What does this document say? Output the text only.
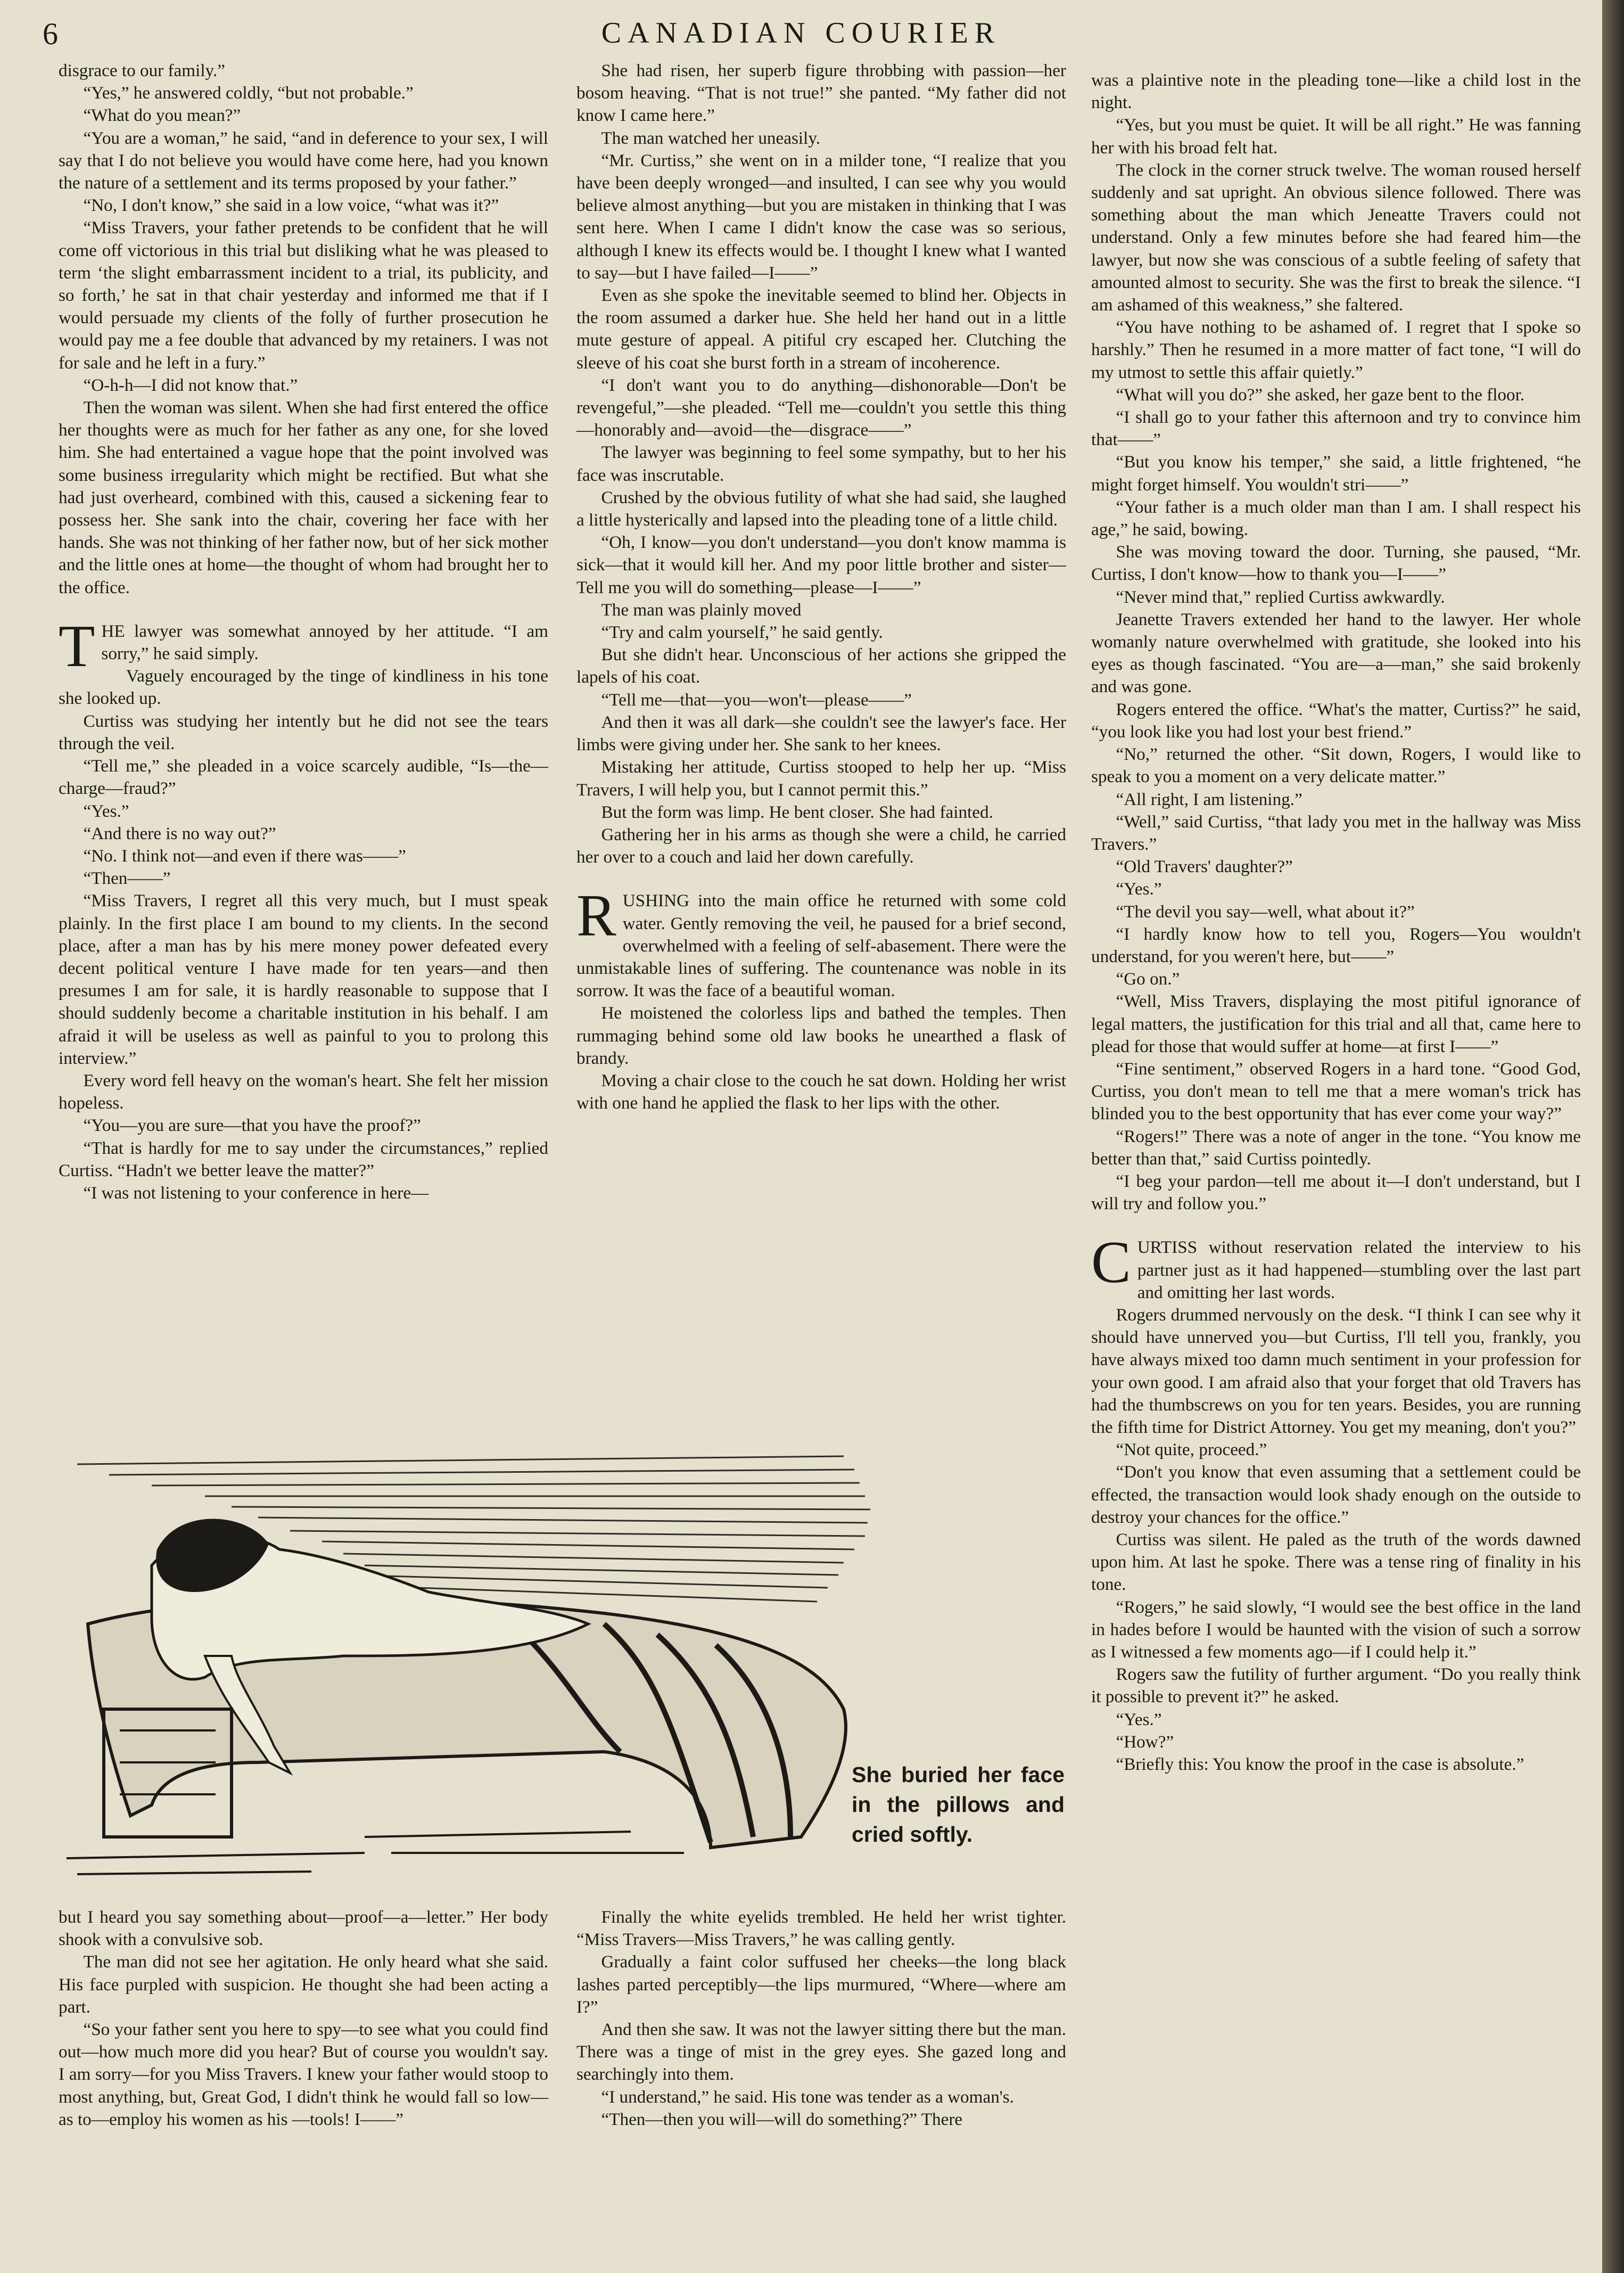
6	CANADIAN COURIER

disgrace to our family.”

“Yes,” he answered coldly, “but not probable.”

“What do you mean?”

“You are a woman,” he said, “and in deference to your sex, I will say that I do not believe you would have come here, had you known the nature of a settlement and its terms proposed by your father.”

“No, I don't know,” she said in a low voice, “what was it?”

“Miss Travers, your father pretends to be confident that he will come off victorious in this trial but disliking what he was pleased to term ‘the slight embarrassment incident to a trial, its publicity, and so forth,’ he sat in that chair yesterday and informed me that if I would persuade my clients of the folly of further prosecution he would pay me a fee double that advanced by my retainers. I was not for sale and he left in a fury.”

“O-h-h—I did not know that.”

Then the woman was silent. When she had first entered the office her thoughts were as much for her father as any one, for she loved him. She had entertained a vague hope that the point involved was some business irregularity which might be rectified. But what she had just overheard, combined with this, caused a sickening fear to possess her. She sank into the chair, covering her face with her hands. She was not thinking of her father now, but of her sick mother and the little ones at home—the thought of whom had brought her to the office.

THE lawyer was somewhat annoyed by her attitude. “I am sorry,” he said simply.

Vaguely encouraged by the tinge of kindliness in his tone she looked up.

Curtiss was studying her intently but he did not see the tears through the veil.

“Tell me,” she pleaded in a voice scarcely audible, “Is—the—charge—fraud?”

“Yes.”

“And there is no way out?”

“No. I think not—and even if there was——”

“Then——”

“Miss Travers, I regret all this very much, but I must speak plainly. In the first place I am bound to my clients. In the second place, after a man has by his mere money power defeated every decent political venture I have made for ten years—and then presumes I am for sale, it is hardly reasonable to suppose that I should suddenly become a charitable institution in his behalf. I am afraid it will be useless as well as painful to you to prolong this interview.”

Every word fell heavy on the woman's heart. She felt her mission hopeless.

“You—you are sure—that you have the proof?”

“That is hardly for me to say under the circumstances,” replied Curtiss. “Hadn't we better leave the matter?”

“I was not listening to your conference in here—

She had risen, her superb figure throbbing with passion—her bosom heaving. “That is not true!” she panted. “My father did not know I came here.”

The man watched her uneasily.

“Mr. Curtiss,” she went on in a milder tone, “I realize that you have been deeply wronged—and insulted, I can see why you would believe almost anything—but you are mistaken in thinking that I was sent here. When I came I didn't know the case was so serious, although I knew its effects would be. I thought I knew what I wanted to say—but I have failed—I——”

Even as she spoke the inevitable seemed to blind her. Objects in the room assumed a darker hue. She held her hand out in a little mute gesture of appeal. A pitiful cry escaped her. Clutching the sleeve of his coat she burst forth in a stream of incoherence.

“I don't want you to do anything—dishonorable—Don't be revengeful,”—she pleaded. “Tell me—couldn't you settle this thing—honorably and—avoid—the—disgrace——”

The lawyer was beginning to feel some sympathy, but to her his face was inscrutable.

Crushed by the obvious futility of what she had said, she laughed a little hysterically and lapsed into the pleading tone of a little child.

“Oh, I know—you don't understand—you don't know mamma is sick—that it would kill her. And my poor little brother and sister—Tell me you will do something—please—I——”

The man was plainly moved

“Try and calm yourself,” he said gently.

But she didn't hear. Unconscious of her actions she gripped the lapels of his coat.

“Tell me—that—you—won't—please——”

And then it was all dark—she couldn't see the lawyer's face. Her limbs were giving under her. She sank to her knees.

Mistaking her attitude, Curtiss stooped to help her up. “Miss Travers, I will help you, but I cannot permit this.”

But the form was limp. He bent closer. She had fainted.

Gathering her in his arms as though she were a child, he carried her over to a couch and laid her down carefully.

RUSHING into the main office he returned with some cold water. Gently removing the veil, he paused for a brief second, overwhelmed with a feeling of self-abasement. There were the unmistakable lines of suffering. The countenance was noble in its sorrow. It was the face of a beautiful woman.

He moistened the colorless lips and bathed the temples. Then rummaging behind some old law books he unearthed a flask of brandy.

Moving a chair close to the couch he sat down. Holding her wrist with one hand he applied the flask to her lips with the other.

was a plaintive note in the pleading tone—like a child lost in the night.

“Yes, but you must be quiet. It will be all right.” He was fanning her with his broad felt hat.

The clock in the corner struck twelve. The woman roused herself suddenly and sat upright. An obvious silence followed. There was something about the man which Jeneatte Travers could not understand. Only a few minutes before she had feared him—the lawyer, but now she was conscious of a subtle feeling of safety that amounted almost to security. She was the first to break the silence. “I am ashamed of this weakness,” she faltered.

“You have nothing to be ashamed of. I regret that I spoke so harshly.” Then he resumed in a more matter of fact tone, “I will do my utmost to settle this affair quietly.”

“What will you do?” she asked, her gaze bent to the floor.

“I shall go to your father this afternoon and try to convince him that——”

“But you know his temper,” she said, a little frightened, “he might forget himself. You wouldn't stri——”

“Your father is a much older man than I am. I shall respect his age,” he said, bowing.

She was moving toward the door. Turning, she paused, “Mr. Curtiss, I don't know—how to thank you—I——”

“Never mind that,” replied Curtiss awkwardly.

Jeanette Travers extended her hand to the lawyer. Her whole womanly nature overwhelmed with gratitude, she looked into his eyes as though fascinated. “You are—a—man,” she said brokenly and was gone.

Rogers entered the office. “What's the matter, Curtiss?” he said, “you look like you had lost your best friend.”

“No,” returned the other. “Sit down, Rogers, I would like to speak to you a moment on a very delicate matter.”

“All right, I am listening.”

“Well,” said Curtiss, “that lady you met in the hallway was Miss Travers.”

“Old Travers' daughter?”

“Yes.”

“The devil you say—well, what about it?”

“I hardly know how to tell you, Rogers—You wouldn't understand, for you weren't here, but——”

“Go on.”

“Well, Miss Travers, displaying the most pitiful ignorance of legal matters, the justification for this trial and all that, came here to plead for those that would suffer at home—at first I——”

“Fine sentiment,” observed Rogers in a hard tone. “Good God, Curtiss, you don't mean to tell me that a mere woman's trick has blinded you to the best opportunity that has ever come your way?”

“Rogers!” There was a note of anger in the tone. “You know me better than that,” said Curtiss pointedly.

“I beg your pardon—tell me about it—I don't understand, but I will try and follow you.”

CURTISS without reservation related the interview to his partner just as it had happened—stumbling over the last part and omitting her last words.

Rogers drummed nervously on the desk. “I think I can see why it should have unnerved you—but Curtiss, I'll tell you, frankly, you have always mixed too damn much sentiment in your profession for your own good. I am afraid also that your forget that old Travers has had the thumbscrews on you for ten years. Besides, you are running the fifth time for District Attorney. You get my meaning, don't you?”

“Not quite, proceed.”

“Don't you know that even assuming that a settlement could be effected, the transaction would look shady enough on the outside to destroy your chances for the office.”

Curtiss was silent. He paled as the truth of the words dawned upon him. At last he spoke. There was a tense ring of finality in his tone.

“Rogers,” he said slowly, “I would see the best office in the land in hades before I would be haunted with the vision of such a sorrow as I witnessed a few moments ago—if I could help it.”

Rogers saw the futility of further argument. “Do you really think it possible to prevent it?” he asked.

“Yes.”

“How?”

“Briefly this: You know the proof in the case is absolute.”

She buried her face in the pillows and cried softly.

but I heard you say something about—proof—a—letter.” Her body shook with a convulsive sob.

The man did not see her agitation. He only heard what she said. His face purpled with suspicion. He thought she had been acting a part.

“So your father sent you here to spy—to see what you could find out—how much more did you hear? But of course you wouldn't say. I am sorry—for you Miss Travers. I knew your father would stoop to most anything, but, Great God, I didn't think he would fall so low—as to—employ his women as his —tools! I——”

Finally the white eyelids trembled. He held her wrist tighter. “Miss Travers—Miss Travers,” he was calling gently.

Gradually a faint color suffused her cheeks—the long black lashes parted perceptibly—the lips murmured, “Where—where am I?”

And then she saw. It was not the lawyer sitting there but the man. There was a tinge of mist in the grey eyes. She gazed long and searchingly into them.

“I understand,” he said. His tone was tender as a woman's.

“Then—then you will—will do something?” There
